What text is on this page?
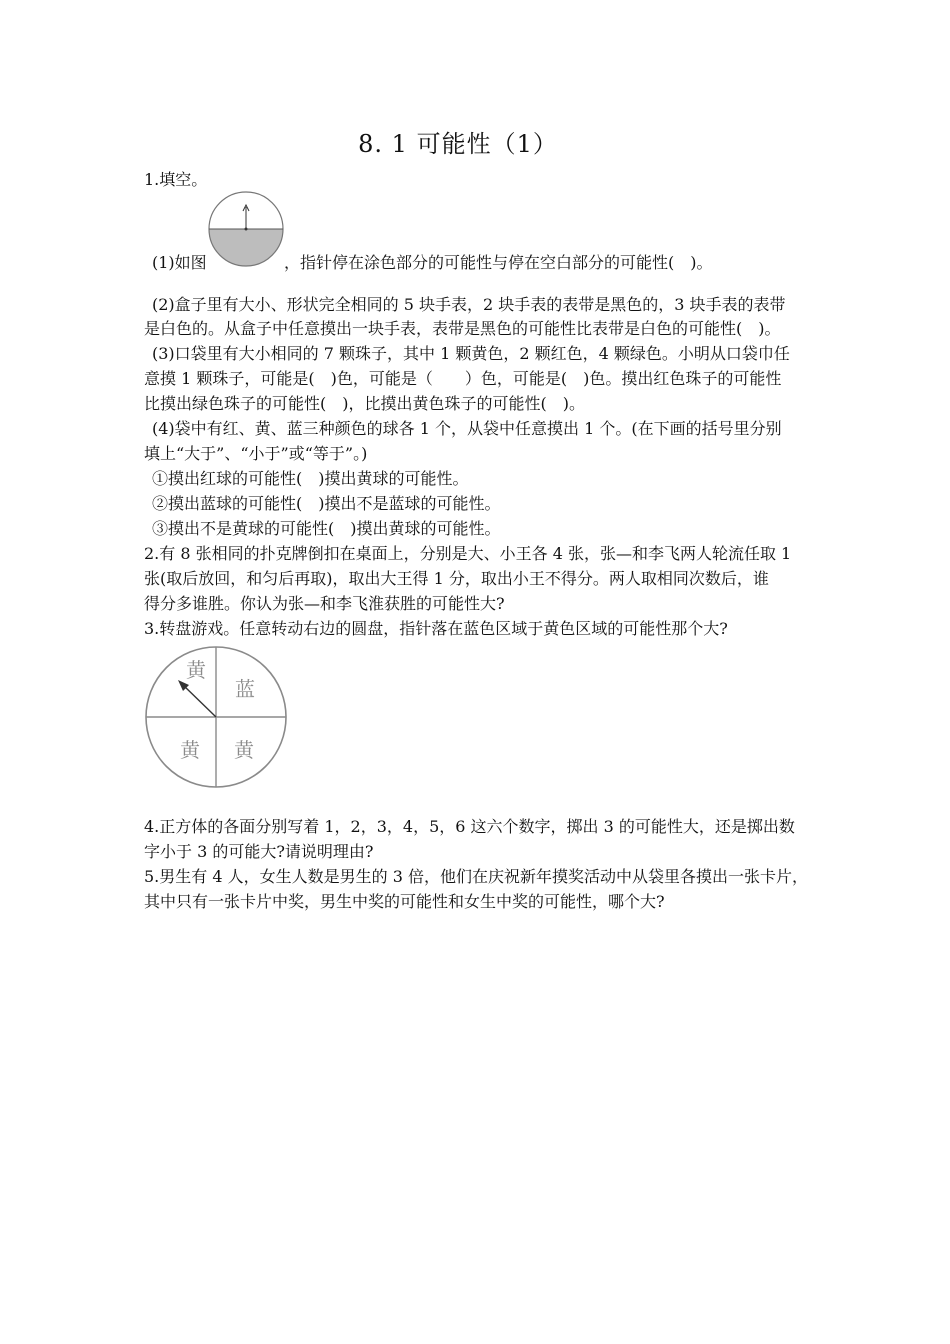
8. 1 可能性（1）
1.填空。
(1)如图	，指针停在涂色部分的可能性与停在空白部分的可能性(　)。
(2)盒子里有大小、形状完全相同的 5 块手表，2 块手表的表带是黑色的，3 块手表的表带
是白色的。从盒子中任意摸出一块手表，表带是黑色的可能性比表带是白色的可能性(　)。
(3)口袋里有大小相同的 7 颗珠子，其中 1 颗黄色，2 颗红色，4 颗绿色。小明从口袋巾任
意摸 1 颗珠子，可能是(　)色，可能是（　　）色，可能是(　)色。摸出红色珠子的可能性
比摸出绿色珠子的可能性(　)，比摸出黄色珠子的可能性(　)。
(4)袋中有红、黄、蓝三种颜色的球各 1 个，从袋中任意摸出 1 个。(在下画的括号里分别
填上“大于”、“小于”或“等于”。)
①摸出红球的可能性(　)摸出黄球的可能性。
②摸出蓝球的可能性(　)摸出不是蓝球的可能性。
③摸出不是黄球的可能性(　)摸出黄球的可能性。
2.有 8 张相同的扑克牌倒扣在桌面上，分别是大、小王各 4 张，张—和李飞两人轮流任取 1
张(取后放回，和匀后再取)，取出大王得 1 分，取出小王不得分。两人取相同次数后，谁
得分多谁胜。你认为张—和李飞淮获胜的可能性大?
3.转盘游戏。任意转动右边的圆盘，指针落在蓝色区域于黄色区域的可能性那个大?
黄
蓝
黄 黄
4.正方体的各面分别写着 1，2，3，4，5，6 这六个数字，掷出 3 的可能性大，还是掷出数
字小于 3 的可能大?请说明理由?
5.男生有 4 人，女生人数是男生的 3 倍，他们在庆祝新年摸奖活动中从袋里各摸出一张卡片，
其中只有一张卡片中奖，男生中奖的可能性和女生中奖的可能性，哪个大?
